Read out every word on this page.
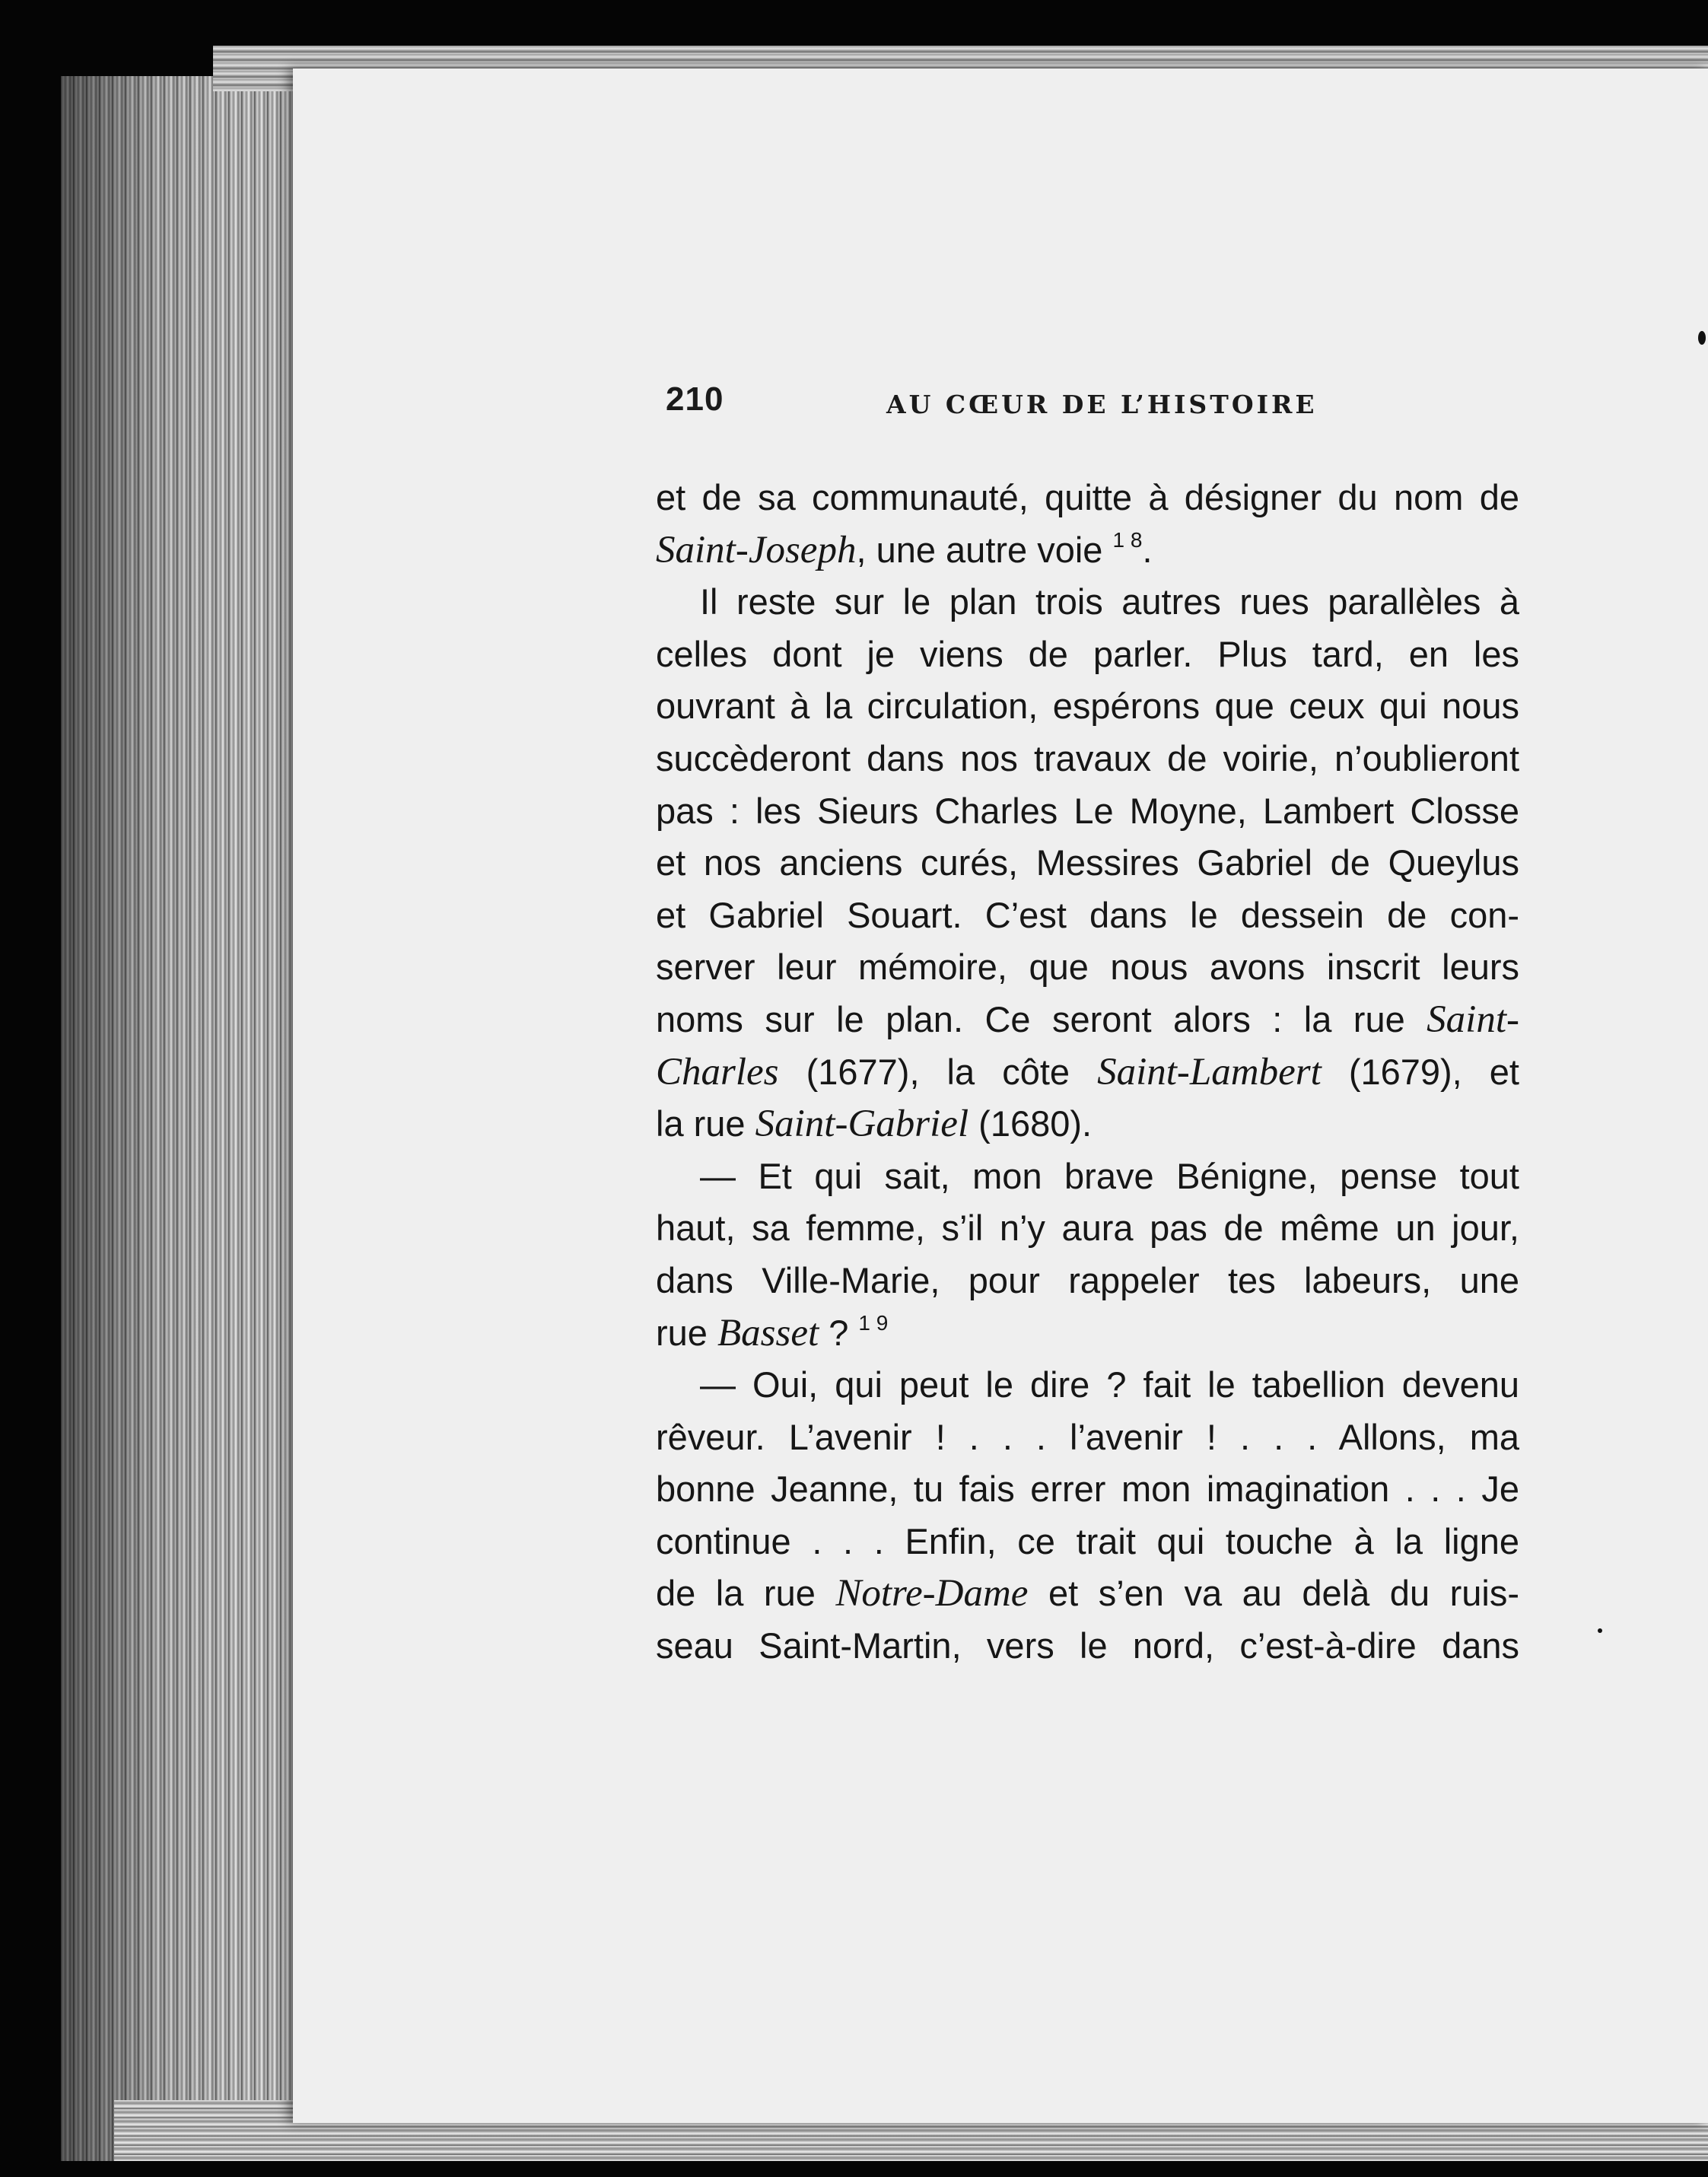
210	AU CŒUR DE L’HISTOIRE
et de sa communauté, quitte à désigner du nom de
Saint-Joseph, une autre voie $^{1 8}$.
Il reste sur le plan trois autres rues parallèles à
celles dont je viens de parler. Plus tard, en les
ouvrant à la circulation, espérons que ceux qui nous
succèderont dans nos travaux de voirie, n’oublieront
pas : les Sieurs Charles Le Moyne, Lambert Closse
et nos anciens curés, Messires Gabriel de Queylus
et Gabriel Souart. C’est dans le dessein de con-
server leur mémoire, que nous avons inscrit leurs
noms sur le plan. Ce seront alors : la rue Saint-
Charles (1677), la côte Saint-Lambert (1679), et
la rue Saint-Gabriel (1680).
— Et qui sait, mon brave Bénigne, pense tout
haut, sa femme, s’il n’y aura pas de même un jour,
dans Ville-Marie, pour rappeler tes labeurs, une
rue Basset ? $^{1 9}$
— Oui, qui peut le dire ? fait le tabellion devenu
rêveur. L’avenir ! . . . l’avenir ! . . . Allons, ma
bonne Jeanne, tu fais errer mon imagination . . . Je
continue . . . Enfin, ce trait qui touche à la ligne
de la rue Notre-Dame et s’en va au delà du ruis-
seau Saint-Martin, vers le nord, c’est-à-dire dans
